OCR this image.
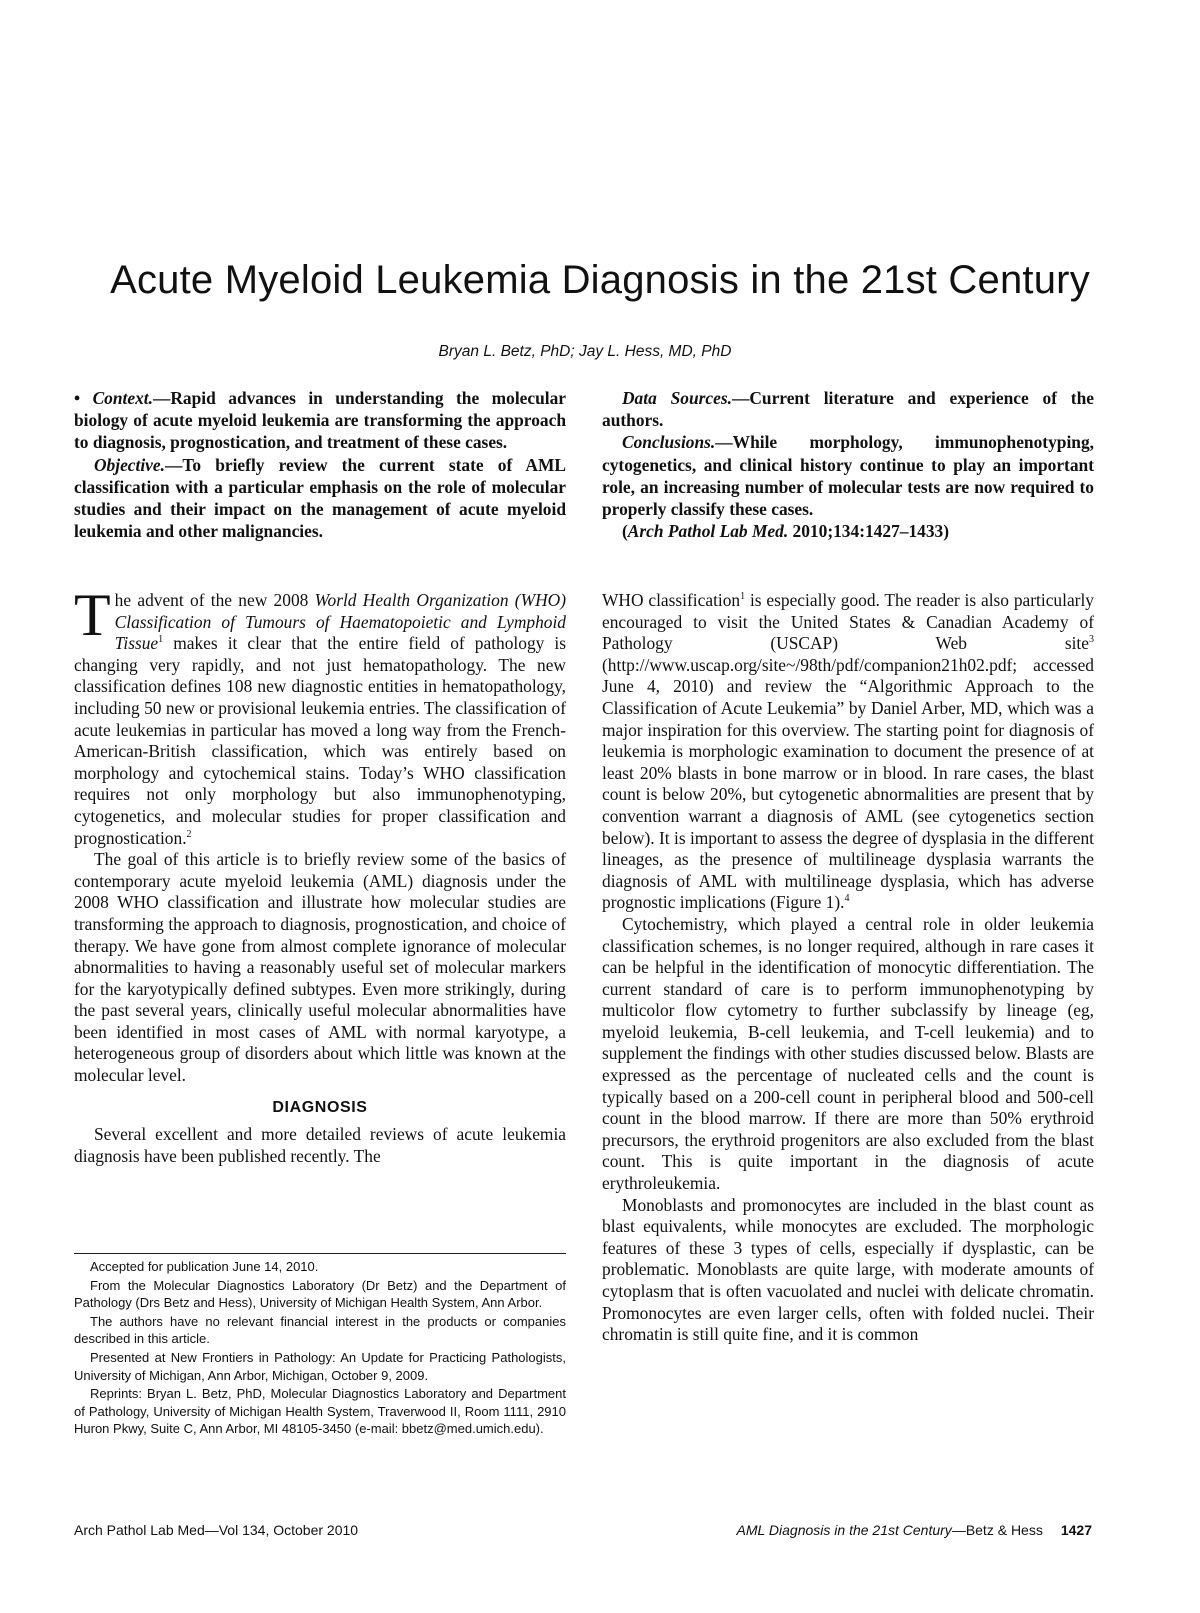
Acute Myeloid Leukemia Diagnosis in the 21st Century
Bryan L. Betz, PhD; Jay L. Hess, MD, PhD

• Context.—Rapid advances in understanding the molecular biology of acute myeloid leukemia are transforming the approach to diagnosis, prognostication, and treatment of these cases.

Objective.—To briefly review the current state of AML classification with a particular emphasis on the role of molecular studies and their impact on the management of acute myeloid leukemia and other malignancies.

Data Sources.—Current literature and experience of the authors.

Conclusions.—While morphology, immunophenotyping, cytogenetics, and clinical history continue to play an important role, an increasing number of molecular tests are now required to properly classify these cases.

(Arch Pathol Lab Med. 2010;134:1427–1433)

The advent of the new 2008 World Health Organization (WHO) Classification of Tumours of Haematopoietic and Lymphoid Tissue$^1$ makes it clear that the entire field of pathology is changing very rapidly, and not just hematopathology. The new classification defines 108 new diagnostic entities in hematopathology, including 50 new or provisional leukemia entries. The classification of acute leukemias in particular has moved a long way from the French-American-British classification, which was entirely based on morphology and cytochemical stains. Today’s WHO classification requires not only morphology but also immunophenotyping, cytogenetics, and molecular studies for proper classification and prognostication.$^2$

The goal of this article is to briefly review some of the basics of contemporary acute myeloid leukemia (AML) diagnosis under the 2008 WHO classification and illustrate how molecular studies are transforming the approach to diagnosis, prognostication, and choice of therapy. We have gone from almost complete ignorance of molecular abnormalities to having a reasonably useful set of molecular markers for the karyotypically defined subtypes. Even more strikingly, during the past several years, clinically useful molecular abnormalities have been identified in most cases of AML with normal karyotype, a heterogeneous group of disorders about which little was known at the molecular level.

DIAGNOSIS

Several excellent and more detailed reviews of acute leukemia diagnosis have been published recently. The

Accepted for publication June 14, 2010.

From the Molecular Diagnostics Laboratory (Dr Betz) and the Department of Pathology (Drs Betz and Hess), University of Michigan Health System, Ann Arbor.

The authors have no relevant financial interest in the products or companies described in this article.

Presented at New Frontiers in Pathology: An Update for Practicing Pathologists, University of Michigan, Ann Arbor, Michigan, October 9, 2009.

Reprints: Bryan L. Betz, PhD, Molecular Diagnostics Laboratory and Department of Pathology, University of Michigan Health System, Traverwood II, Room 1111, 2910 Huron Pkwy, Suite C, Ann Arbor, MI 48105-3450 (e-mail: bbetz@med.umich.edu).

WHO classification$^1$ is especially good. The reader is also particularly encouraged to visit the United States & Canadian Academy of Pathology (USCAP) Web site$^3$ (http://www.uscap.org/site~/98th/pdf/companion21h02.pdf; accessed June 4, 2010) and review the “Algorithmic Approach to the Classification of Acute Leukemia” by Daniel Arber, MD, which was a major inspiration for this overview. The starting point for diagnosis of leukemia is morphologic examination to document the presence of at least 20% blasts in bone marrow or in blood. In rare cases, the blast count is below 20%, but cytogenetic abnormalities are present that by convention warrant a diagnosis of AML (see cytogenetics section below). It is important to assess the degree of dysplasia in the different lineages, as the presence of multilineage dysplasia warrants the diagnosis of AML with multilineage dysplasia, which has adverse prognostic implications (Figure 1).$^4$

Cytochemistry, which played a central role in older leukemia classification schemes, is no longer required, although in rare cases it can be helpful in the identification of monocytic differentiation. The current standard of care is to perform immunophenotyping by multicolor flow cytometry to further subclassify by lineage (eg, myeloid leukemia, B-cell leukemia, and T-cell leukemia) and to supplement the findings with other studies discussed below. Blasts are expressed as the percentage of nucleated cells and the count is typically based on a 200-cell count in peripheral blood and 500-cell count in the blood marrow. If there are more than 50% erythroid precursors, the erythroid progenitors are also excluded from the blast count. This is quite important in the diagnosis of acute erythroleukemia.

Monoblasts and promonocytes are included in the blast count as blast equivalents, while monocytes are excluded. The morphologic features of these 3 types of cells, especially if dysplastic, can be problematic. Monoblasts are quite large, with moderate amounts of cytoplasm that is often vacuolated and nuclei with delicate chromatin. Promonocytes are even larger cells, often with folded nuclei. Their chromatin is still quite fine, and it is common

Arch Pathol Lab Med—Vol 134, October 2010	AML Diagnosis in the 21st Century—Betz & Hess 1427
